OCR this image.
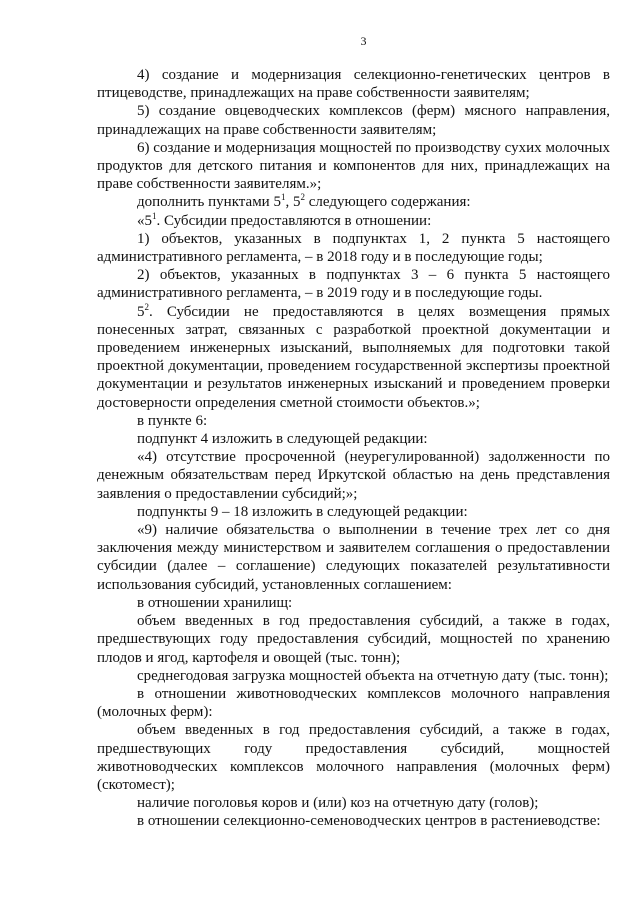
3

4) создание и модернизация селекционно-генетических центров в птицеводстве, принадлежащих на праве собственности заявителям;

5) создание овцеводческих комплексов (ферм) мясного направления, принадлежащих на праве собственности заявителям;

6) создание и модернизация мощностей по производству сухих молочных продуктов для детского питания и компонентов для них, принадлежащих на праве собственности заявителям.»;

дополнить пунктами $5^1$, $5^2$ следующего содержания:

«$5^1$. Субсидии предоставляются в отношении:

1) объектов, указанных в подпунктах 1, 2 пункта 5 настоящего административного регламента, – в 2018 году и в последующие годы;

2) объектов, указанных в подпунктах 3 – 6 пункта 5 настоящего административного регламента, – в 2019 году и в последующие годы.

$5^2$. Субсидии не предоставляются в целях возмещения прямых понесенных затрат, связанных с разработкой проектной документации и проведением инженерных изысканий, выполняемых для подготовки такой проектной документации, проведением государственной экспертизы проектной документации и результатов инженерных изысканий и проведением проверки достоверности определения сметной стоимости объектов.»;

в пункте 6:

подпункт 4 изложить в следующей редакции:

«4) отсутствие просроченной (неурегулированной) задолженности по денежным обязательствам перед Иркутской областью на день представления заявления о предоставлении субсидий;»;

подпункты 9 – 18 изложить в следующей редакции:

«9) наличие обязательства о выполнении в течение трех лет со дня заключения между министерством и заявителем соглашения о предоставлении субсидии (далее – соглашение) следующих показателей результативности использования субсидий, установленных соглашением:

в отношении хранилищ:

объем введенных в год предоставления субсидий, а также в годах, предшествующих году предоставления субсидий, мощностей по хранению плодов и ягод, картофеля и овощей (тыс. тонн);

среднегодовая загрузка мощностей объекта на отчетную дату (тыс. тонн);

в отношении животноводческих комплексов молочного направления (молочных ферм):

объем введенных в год предоставления субсидий, а также в годах, предшествующих году предоставления субсидий, мощностей животноводческих комплексов молочного направления (молочных ферм) (скотомест);

наличие поголовья коров и (или) коз на отчетную дату (голов);

в отношении селекционно-семеноводческих центров в растениеводстве:
